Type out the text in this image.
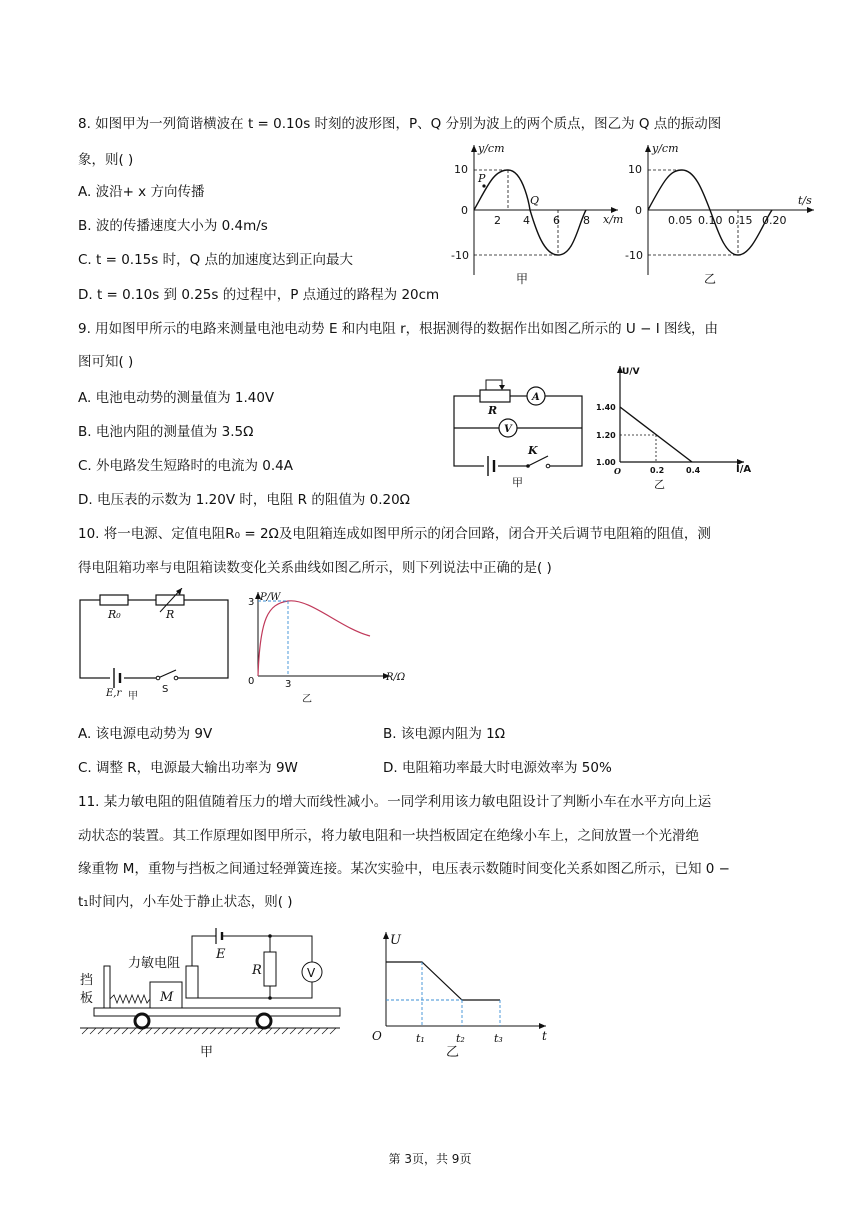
8. 如图甲为一列简谐横波在 t = 0.10s 时刻的波形图，P、Q 分别为波上的两个质点，图乙为 Q 点的振动图
象，则( )
A. 波沿+ x 方向传播
B. 波的传播速度大小为 0.4m/s
C. t = 0.15s 时，Q 点的加速度达到正向最大
D. t = 0.10s 到 0.25s 的过程中，P 点通过的路程为 20cm
y/cm
x/m
10
0
-10
2 4 6 8
P
Q
甲
y/cm
t/s
10
0
-10
0.05 0.10 0.15 0.20
乙
9. 用如图甲所示的电路来测量电池电动势 E 和内电阻 r，根据测得的数据作出如图乙所示的 U − I 图线，由
图可知( )
A. 电池电动势的测量值为 1.40V
B. 电池内阻的测量值为 3.5Ω
C. 外电路发生短路时的电流为 0.4A
D. 电压表的示数为 1.20V 时，电阻 R 的阻值为 0.20Ω
R
A
V
K
甲
U/V
I/A
1.40
1.20
1.00
O	0.2	0.4
乙
10. 将一电源、定值电阻R₀ = 2Ω及电阻箱连成如图甲所示的闭合回路，闭合开关后调节电阻箱的阻值，测
得电阻箱功率与电阻箱读数变化关系曲线如图乙所示，则下列说法中正确的是( )
R₀	R
E,r	S
甲
P/W
R/Ω
3
0	3
乙
A. 该电源电动势为 9V	B. 该电源内阻为 1Ω
C. 调整 R，电源最大输出功率为 9W	D. 电阻箱功率最大时电源效率为 50%
11. 某力敏电阻的阻值随着压力的增大而线性减小。一同学利用该力敏电阻设计了判断小车在水平方向上运
动状态的装置。其工作原理如图甲所示，将力敏电阻和一块挡板固定在绝缘小车上，之间放置一个光滑绝
缘重物 M，重物与挡板之间通过轻弹簧连接。某次实验中，电压表示数随时间变化关系如图乙所示，已知 0 −
t₁时间内，小车处于静止状态，则( )
挡
板
力敏电阻
M
E
R	V
甲
U
t
O	t₁	t₂	t₃
乙
第 3页，共 9页
